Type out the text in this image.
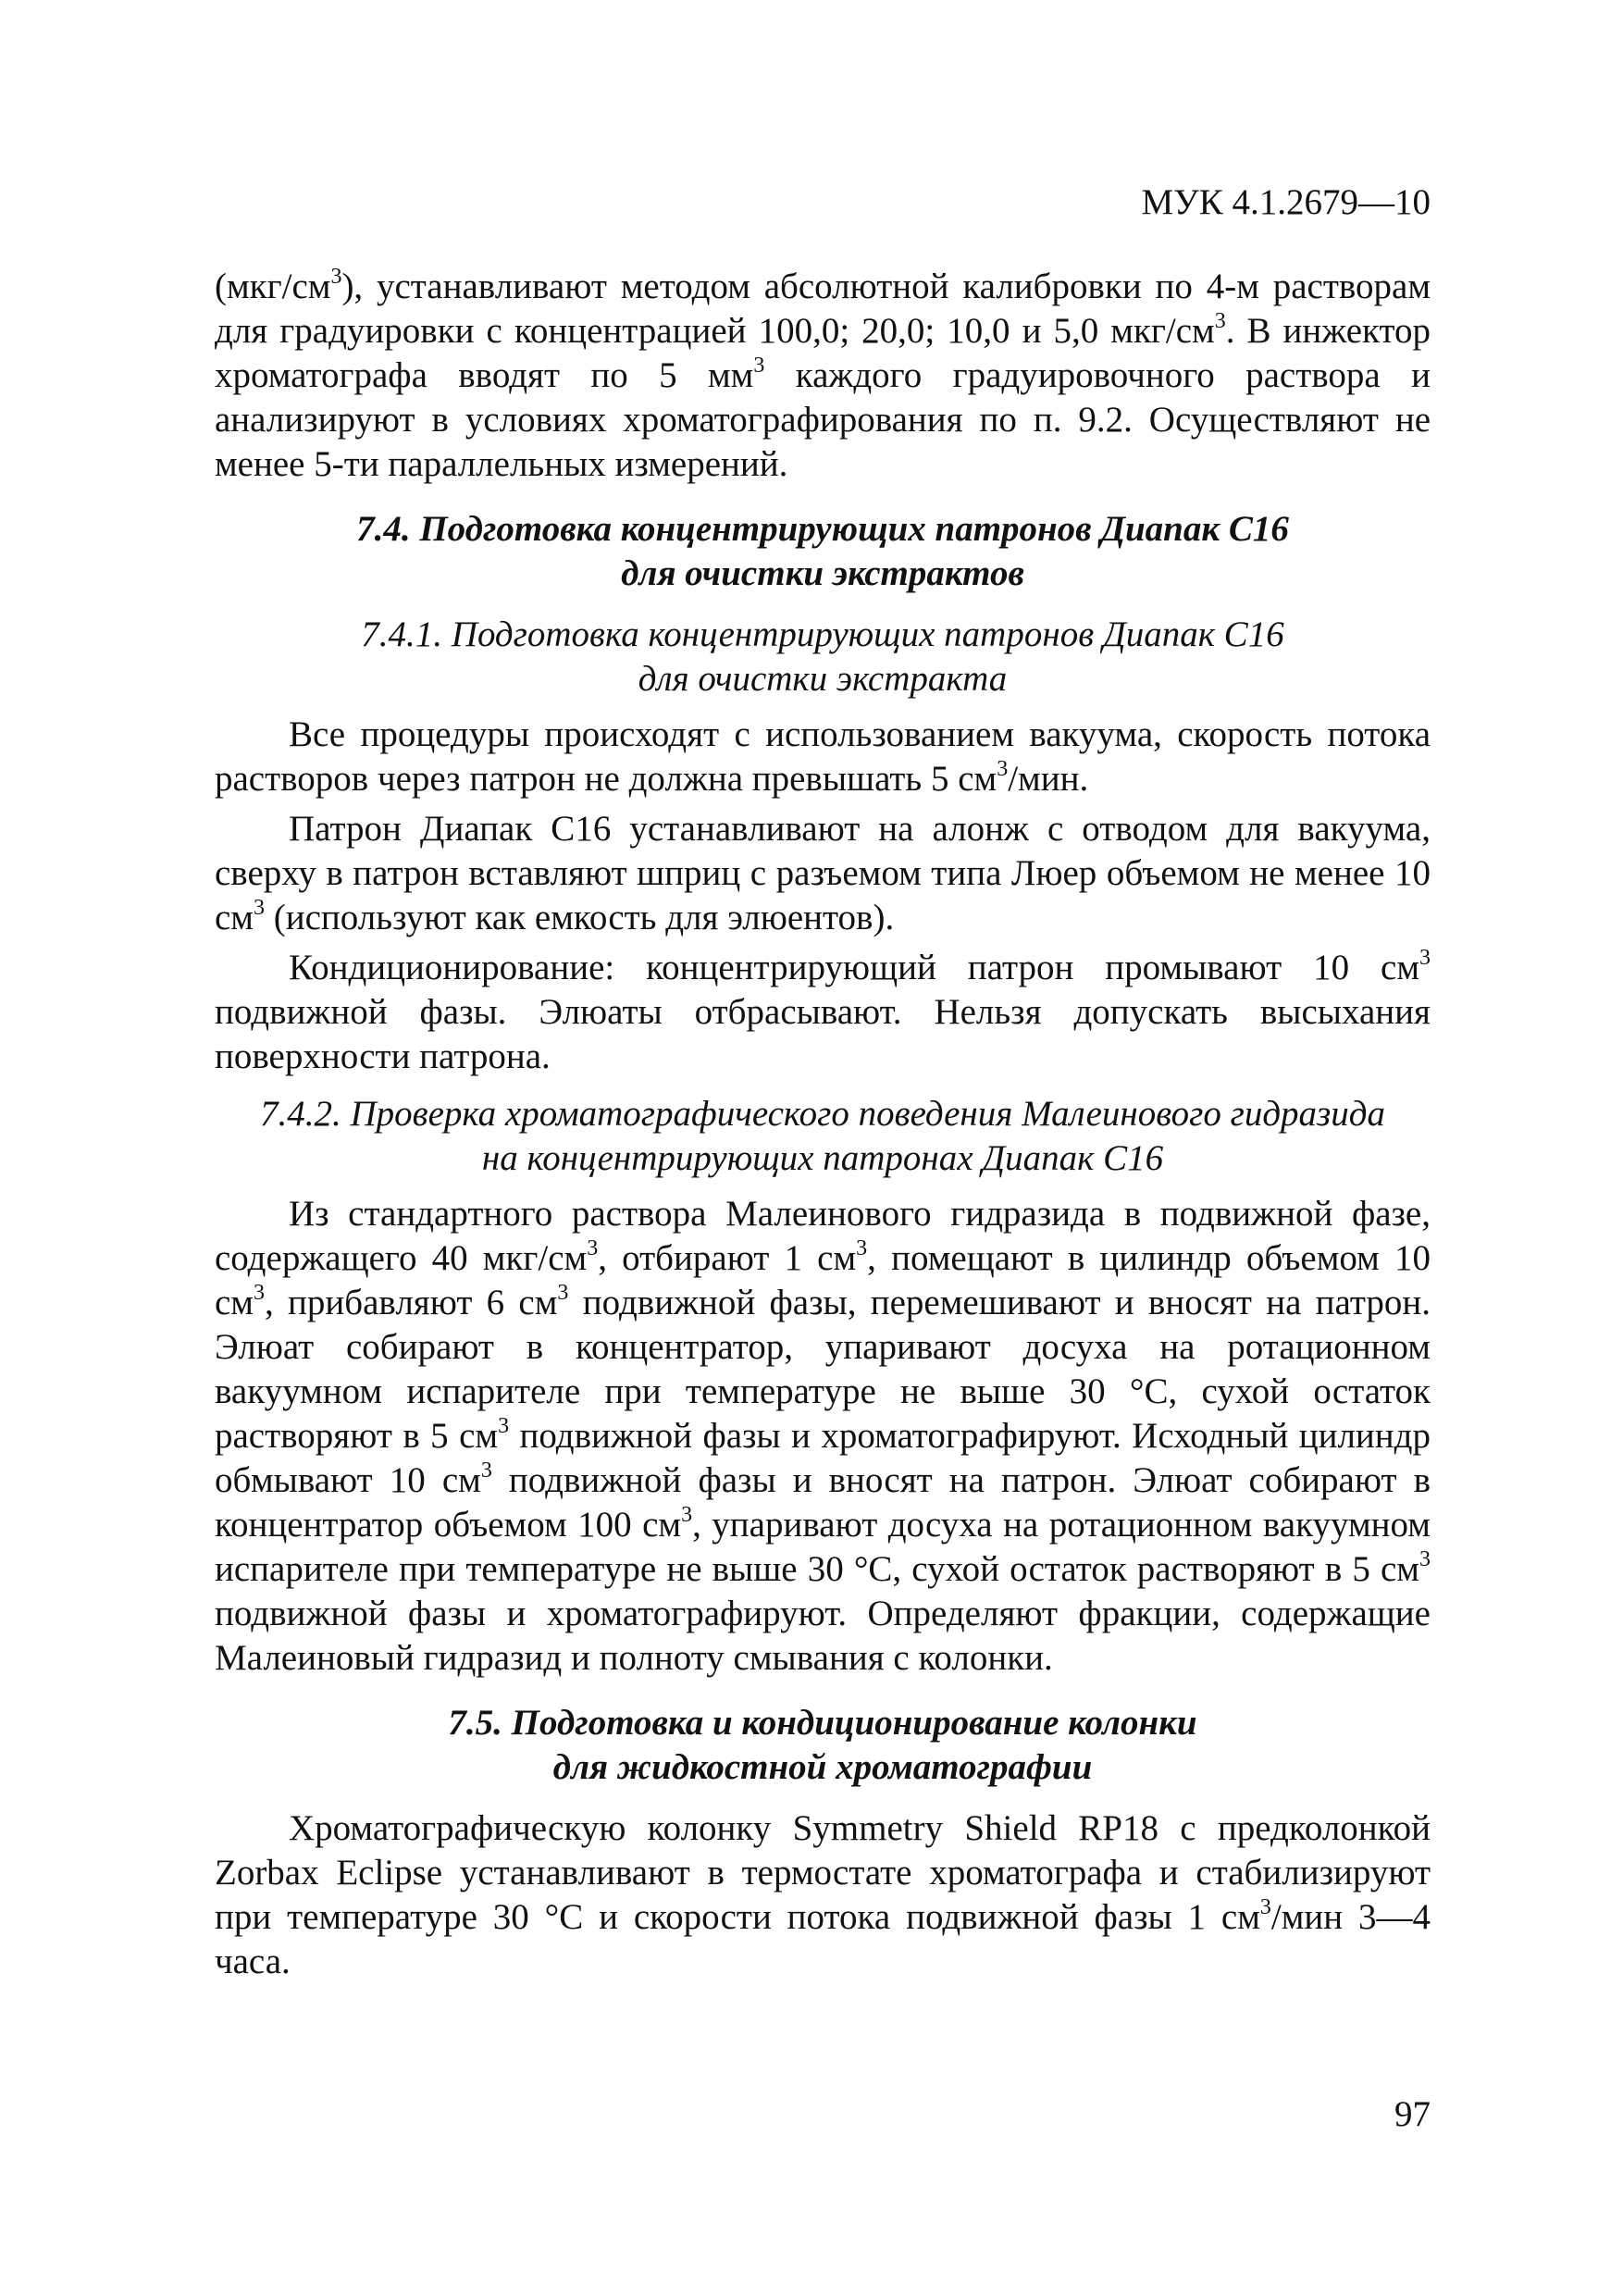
МУК 4.1.2679—10

$(мкг/см^3)$, устанавливают методом абсолютной калибровки по 4-м растворам для градуировки с концентрацией 100,0; 20,0; 10,0 и 5,0 мкг/$см^3$. В инжектор хроматографа вводят по 5 $мм^3$ каждого градуировочного раствора и анализируют в условиях хроматографирования по п. 9.2. Осуществляют не менее 5-ти параллельных измерений.

7.4. Подготовка концентрирующих патронов Диапак С16
для очистки экстрактов
7.4.1. Подготовка концентрирующих патронов Диапак С16
для очистки экстракта

Все процедуры происходят с использованием вакуума, скорость потока растворов через патрон не должна превышать 5 $см^3$/мин.

Патрон Диапак С16 устанавливают на алонж с отводом для вакуума, сверху в патрон вставляют шприц с разъемом типа Люер объемом не менее 10 $см^3$ (используют как емкость для элюентов).

Кондиционирование: концентрирующий патрон промывают 10 $см^3$ подвижной фазы. Элюаты отбрасывают. Нельзя допускать высыхания поверхности патрона.

7.4.2. Проверка хроматографического поведения Малеинового гидразида
на концентрирующих патронах Диапак С16

Из стандартного раствора Малеинового гидразида в подвижной фазе, содержащего 40 мкг/$см^3$, отбирают 1 $см^3$, помещают в цилиндр объемом 10 $см^3$, прибавляют 6 $см^3$ подвижной фазы, перемешивают и вносят на патрон. Элюат собирают в концентратор, упаривают досуха на ротационном вакуумном испарителе при температуре не выше 30 °С, сухой остаток растворяют в 5 $см^3$ подвижной фазы и хроматографируют. Исходный цилиндр обмывают 10 $см^3$ подвижной фазы и вносят на патрон. Элюат собирают в концентратор объемом 100 $см^3$, упаривают досуха на ротационном вакуумном испарителе при температуре не выше 30 °С, сухой остаток растворяют в 5 $см^3$ подвижной фазы и хроматографируют. Определяют фракции, содержащие Малеиновый гидразид и полноту смывания с колонки.

7.5. Подготовка и кондиционирование колонки
для жидкостной хроматографии

Хроматографическую колонку Symmetry Shield RP18 с предколонкой Zorbax Eclipse устанавливают в термостате хроматографа и стабилизируют при температуре 30 °С и скорости потока подвижной фазы 1 $см^3$/мин 3—4 часа.

97
